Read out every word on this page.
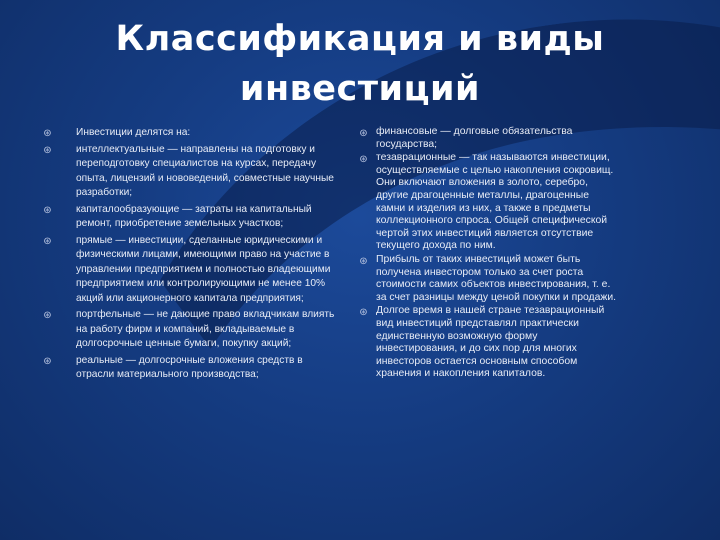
Классификация и виды
инвестиций
⊛ Инвестиции делятся на:
⊛ интеллектуальные — направлены на подготовку и переподготовку специалистов на курсах, передачу опыта, лицензий и нововедений, совместные научные разработки;
⊛ капиталообразующие — затраты на капитальный ремонт, приобретение земельных участков;
⊛ прямые — инвестиции, сделанные юридическими и физическими лицами, имеющими право на участие в управлении предприятием и полностью владеющими предприятием или контролирующими не менее 10% акций или акционерного капитала предприятия;
⊛ портфельные — не дающие право вкладчикам влиять на работу фирм и компаний, вкладываемые в долгосрочные ценные бумаги, покупку акций;
⊛ реальные — долгосрочные вложения средств в отрасли материального производства;
⊛ финансовые — долговые обязательства государства;
⊛ тезаврационные — так называются инвестиции, осуществляемые с целью накопления сокровищ. Они включают вложения в золото, серебро, другие драгоценные металлы, драгоценные камни и изделия из них, а также в предметы коллекционного спроса. Общей специфической чертой этих инвестиций является отсутствие текущего дохода по ним.
⊛ Прибыль от таких инвестиций может быть получена инвестором только за счет роста стоимости самих объектов инвестирования, т. е. за счет разницы между ценой покупки и продажи.
⊛ Долгое время в нашей стране тезаврационный вид инвестиций представлял практически единственную возможную форму инвестирования, и до сих пор для многих инвесторов остается основным способом хранения и накопления капиталов.
